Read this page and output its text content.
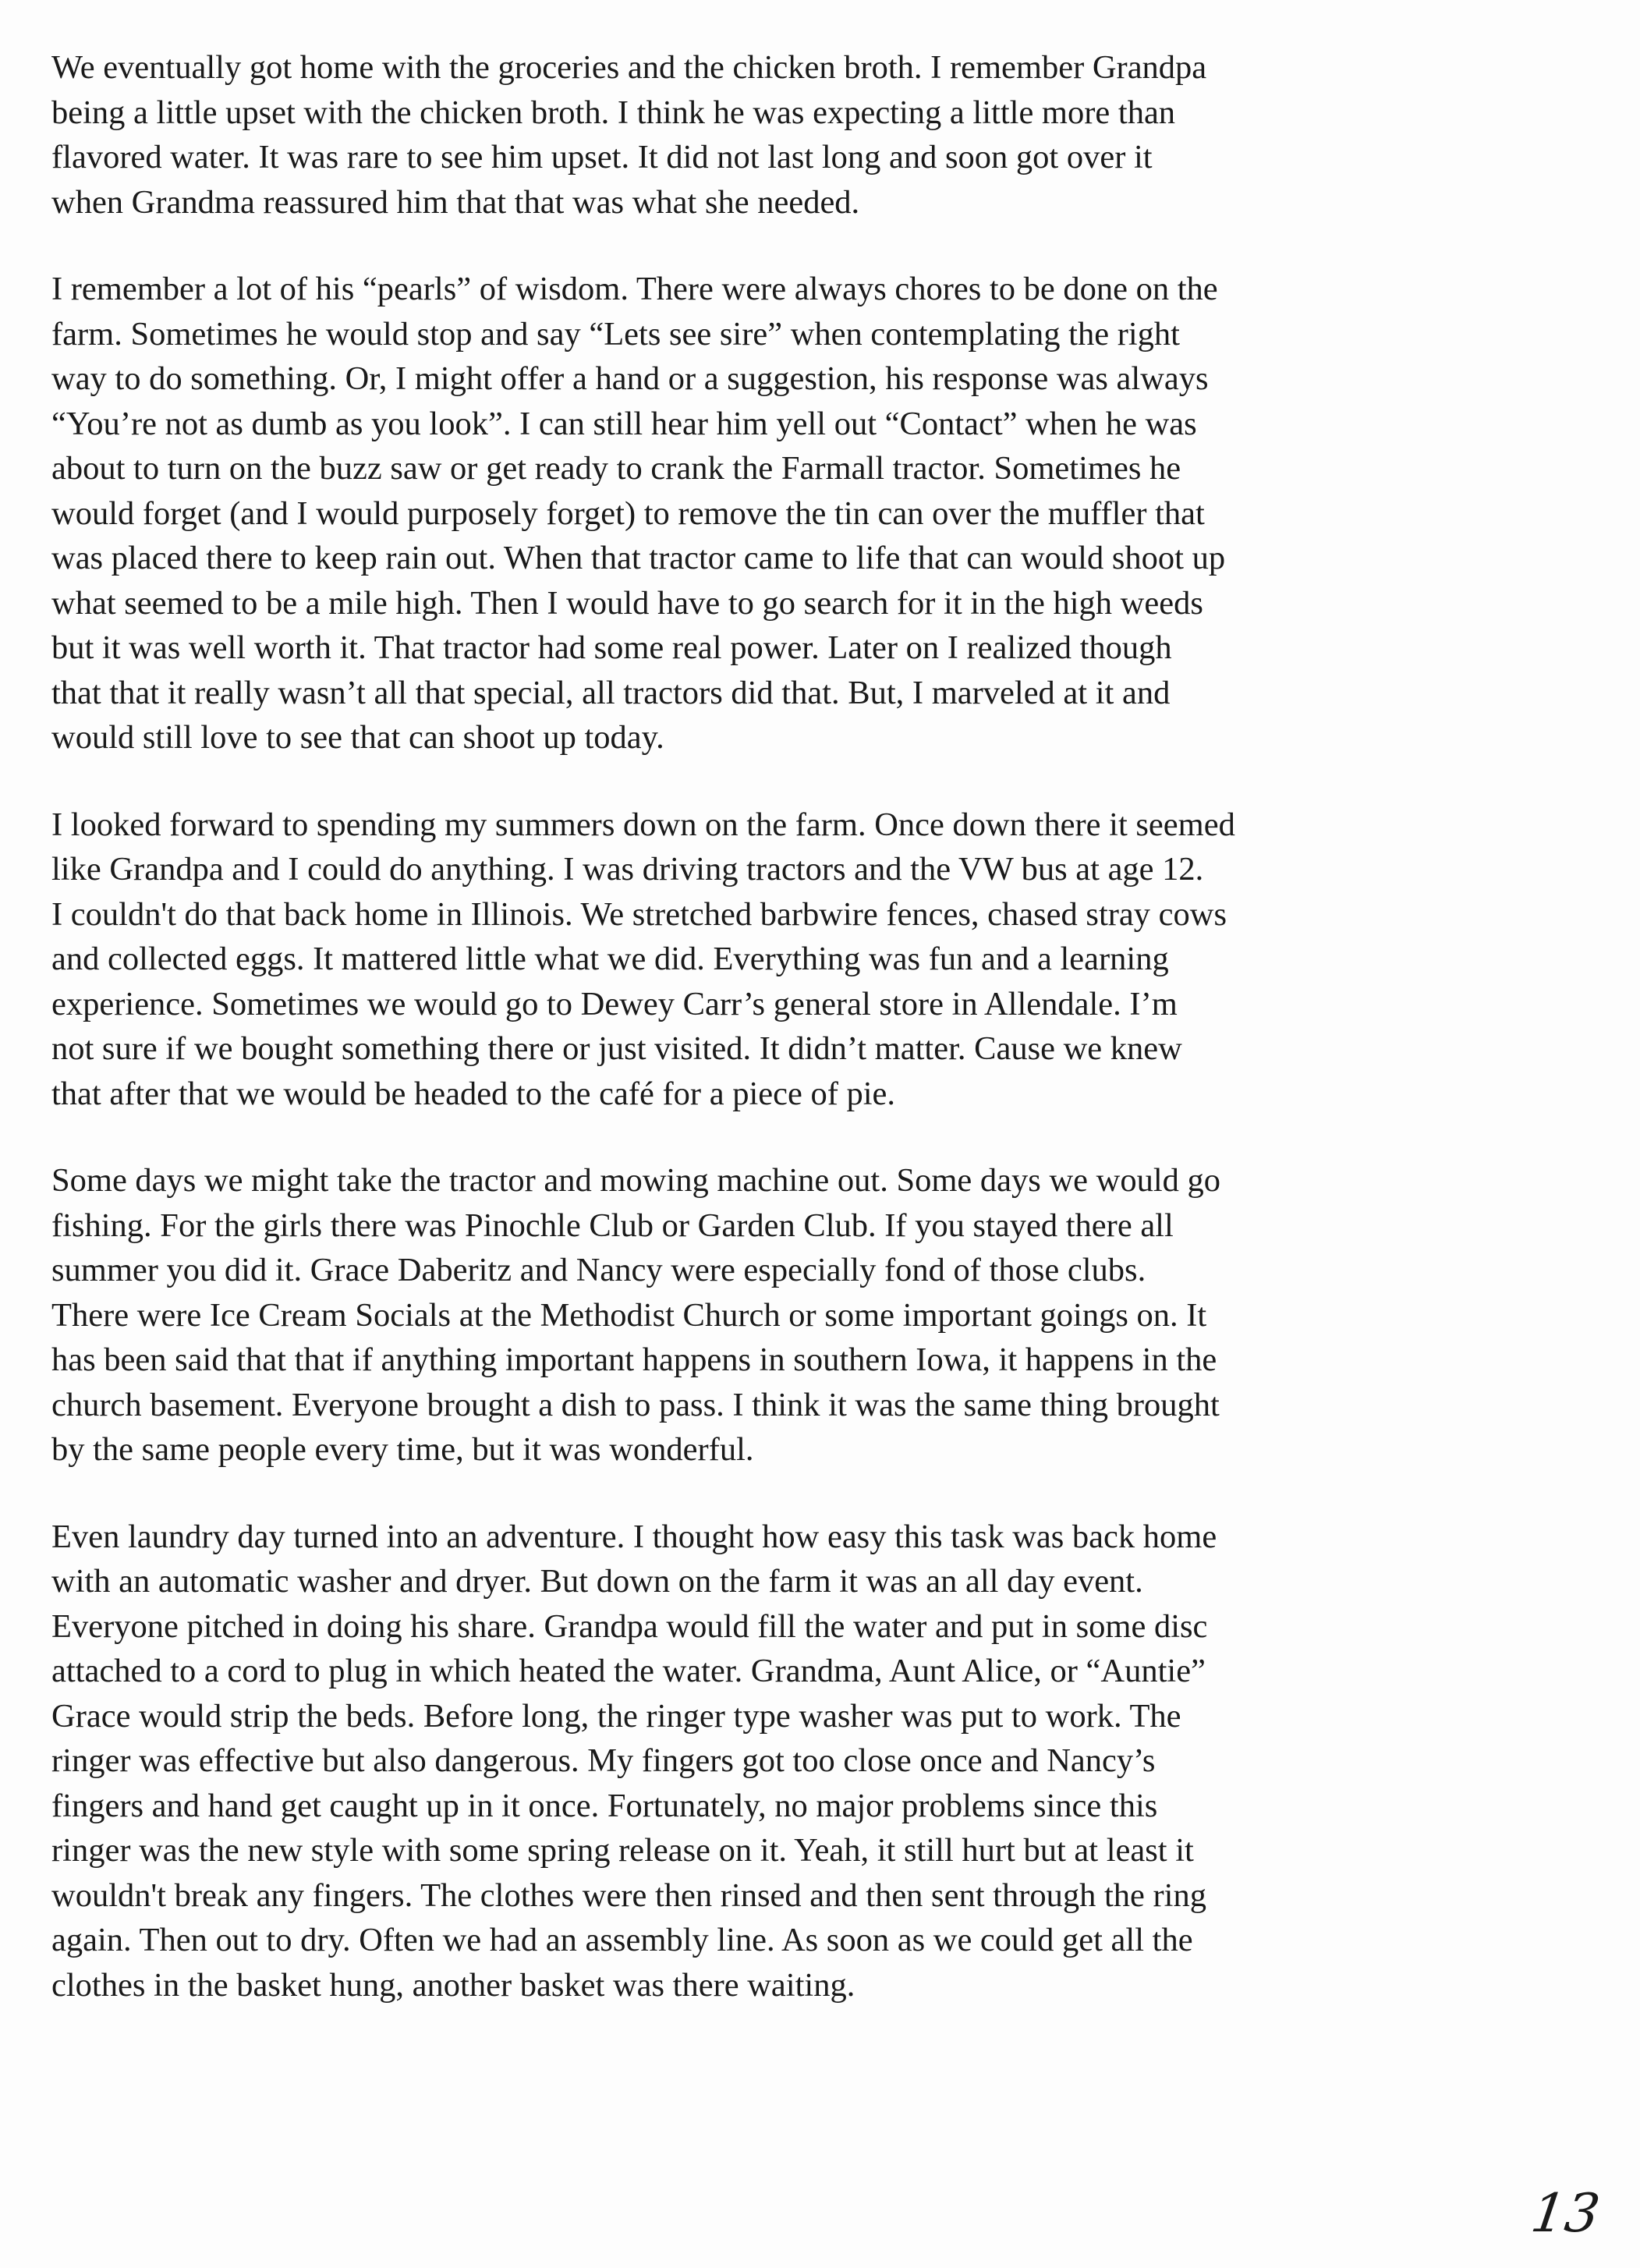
We eventually got home with the groceries and the chicken broth. I remember Grandpa
being a little upset with the chicken broth. I think he was expecting a little more than
flavored water. It was rare to see him upset. It did not last long and soon got over it
when Grandma reassured him that that was what she needed.
I remember a lot of his “pearls” of wisdom. There were always chores to be done on the
farm. Sometimes he would stop and say “Lets see sire” when contemplating the right
way to do something. Or, I might offer a hand or a suggestion, his response was always
“You’re not as dumb as you look”. I can still hear him yell out “Contact” when he was
about to turn on the buzz saw or get ready to crank the Farmall tractor. Sometimes he
would forget (and I would purposely forget) to remove the tin can over the muffler that
was placed there to keep rain out. When that tractor came to life that can would shoot up
what seemed to be a mile high. Then I would have to go search for it in the high weeds
but it was well worth it. That tractor had some real power. Later on I realized though
that that it really wasn’t all that special, all tractors did that. But, I marveled at it and
would still love to see that can shoot up today.
I looked forward to spending my summers down on the farm. Once down there it seemed
like Grandpa and I could do anything. I was driving tractors and the VW bus at age 12.
I couldn't do that back home in Illinois. We stretched barbwire fences, chased stray cows
and collected eggs. It mattered little what we did. Everything was fun and a learning
experience. Sometimes we would go to Dewey Carr’s general store in Allendale. I’m
not sure if we bought something there or just visited. It didn’t matter. Cause we knew
that after that we would be headed to the café for a piece of pie.
Some days we might take the tractor and mowing machine out. Some days we would go
fishing. For the girls there was Pinochle Club or Garden Club. If you stayed there all
summer you did it. Grace Daberitz and Nancy were especially fond of those clubs.
There were Ice Cream Socials at the Methodist Church or some important goings on. It
has been said that that if anything important happens in southern Iowa, it happens in the
church basement. Everyone brought a dish to pass. I think it was the same thing brought
by the same people every time, but it was wonderful.
Even laundry day turned into an adventure. I thought how easy this task was back home
with an automatic washer and dryer. But down on the farm it was an all day event.
Everyone pitched in doing his share. Grandpa would fill the water and put in some disc
attached to a cord to plug in which heated the water. Grandma, Aunt Alice, or “Auntie”
Grace would strip the beds. Before long, the ringer type washer was put to work. The
ringer was effective but also dangerous. My fingers got too close once and Nancy’s
fingers and hand get caught up in it once. Fortunately, no major problems since this
ringer was the new style with some spring release on it. Yeah, it still hurt but at least it
wouldn't break any fingers. The clothes were then rinsed and then sent through the ring
again. Then out to dry. Often we had an assembly line. As soon as we could get all the
clothes in the basket hung, another basket was there waiting.
13
